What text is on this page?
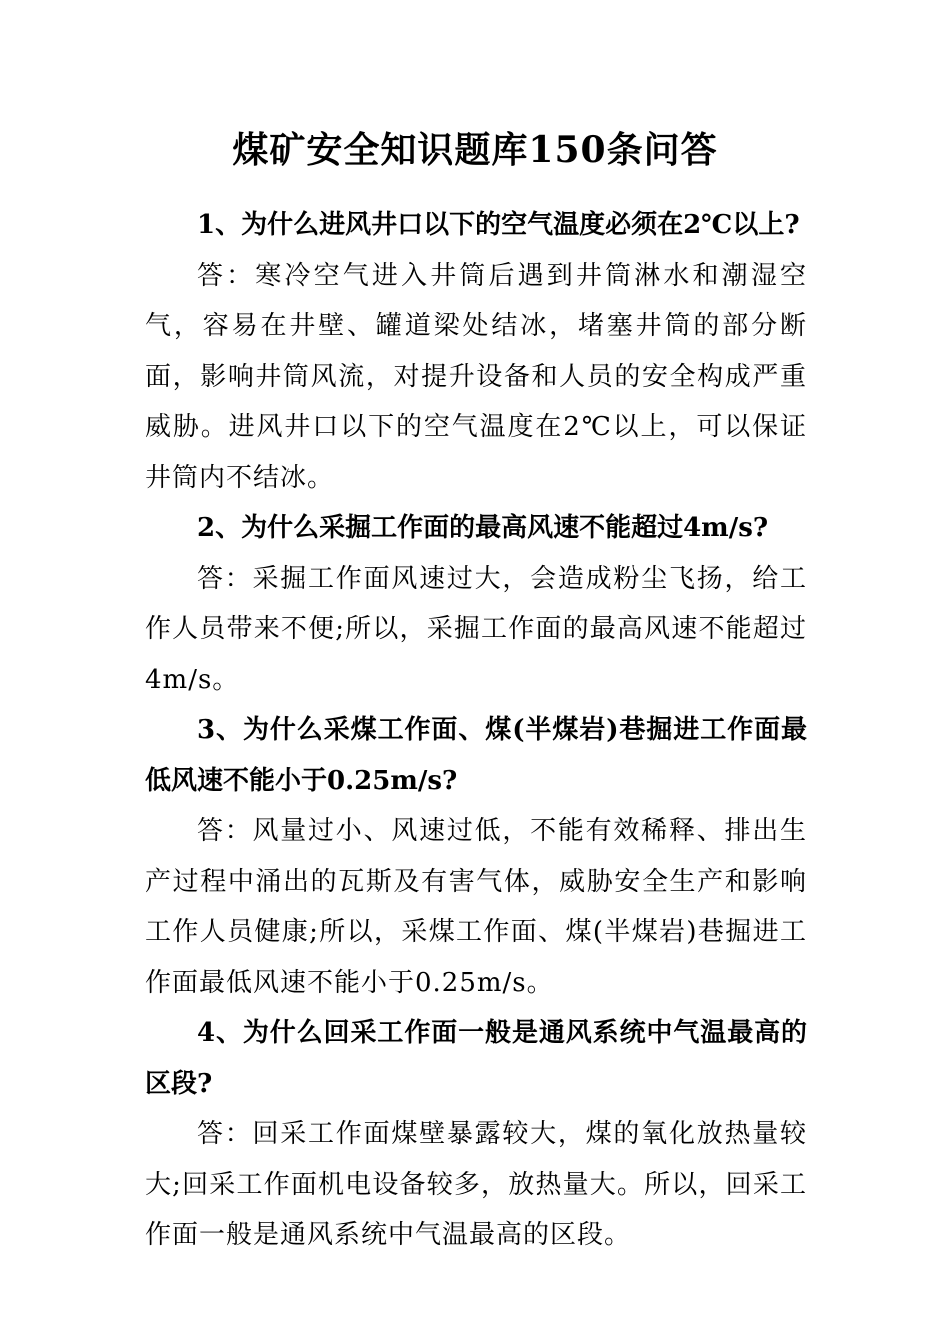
煤矿安全知识题库150条问答

1、为什么进风井口以下的空气温度必须在2℃以上?

答：寒冷空气进入井筒后遇到井筒淋水和潮湿空气，容易在井壁、罐道梁处结冰，堵塞井筒的部分断面，影响井筒风流，对提升设备和人员的安全构成严重威胁。进风井口以下的空气温度在2℃以上，可以保证井筒内不结冰。

2、为什么采掘工作面的最高风速不能超过4m/s?

答：采掘工作面风速过大，会造成粉尘飞扬，给工作人员带来不便;所以，采掘工作面的最高风速不能超过4m/s。

3、为什么采煤工作面、煤(半煤岩)巷掘进工作面最低风速不能小于0.25m/s?

答：风量过小、风速过低，不能有效稀释、排出生产过程中涌出的瓦斯及有害气体，威胁安全生产和影响工作人员健康;所以，采煤工作面、煤(半煤岩)巷掘进工作面最低风速不能小于0.25m/s。

4、为什么回采工作面一般是通风系统中气温最高的区段?

答：回采工作面煤壁暴露较大，煤的氧化放热量较大;回采工作面机电设备较多，放热量大。所以，回采工作面一般是通风系统中气温最高的区段。
